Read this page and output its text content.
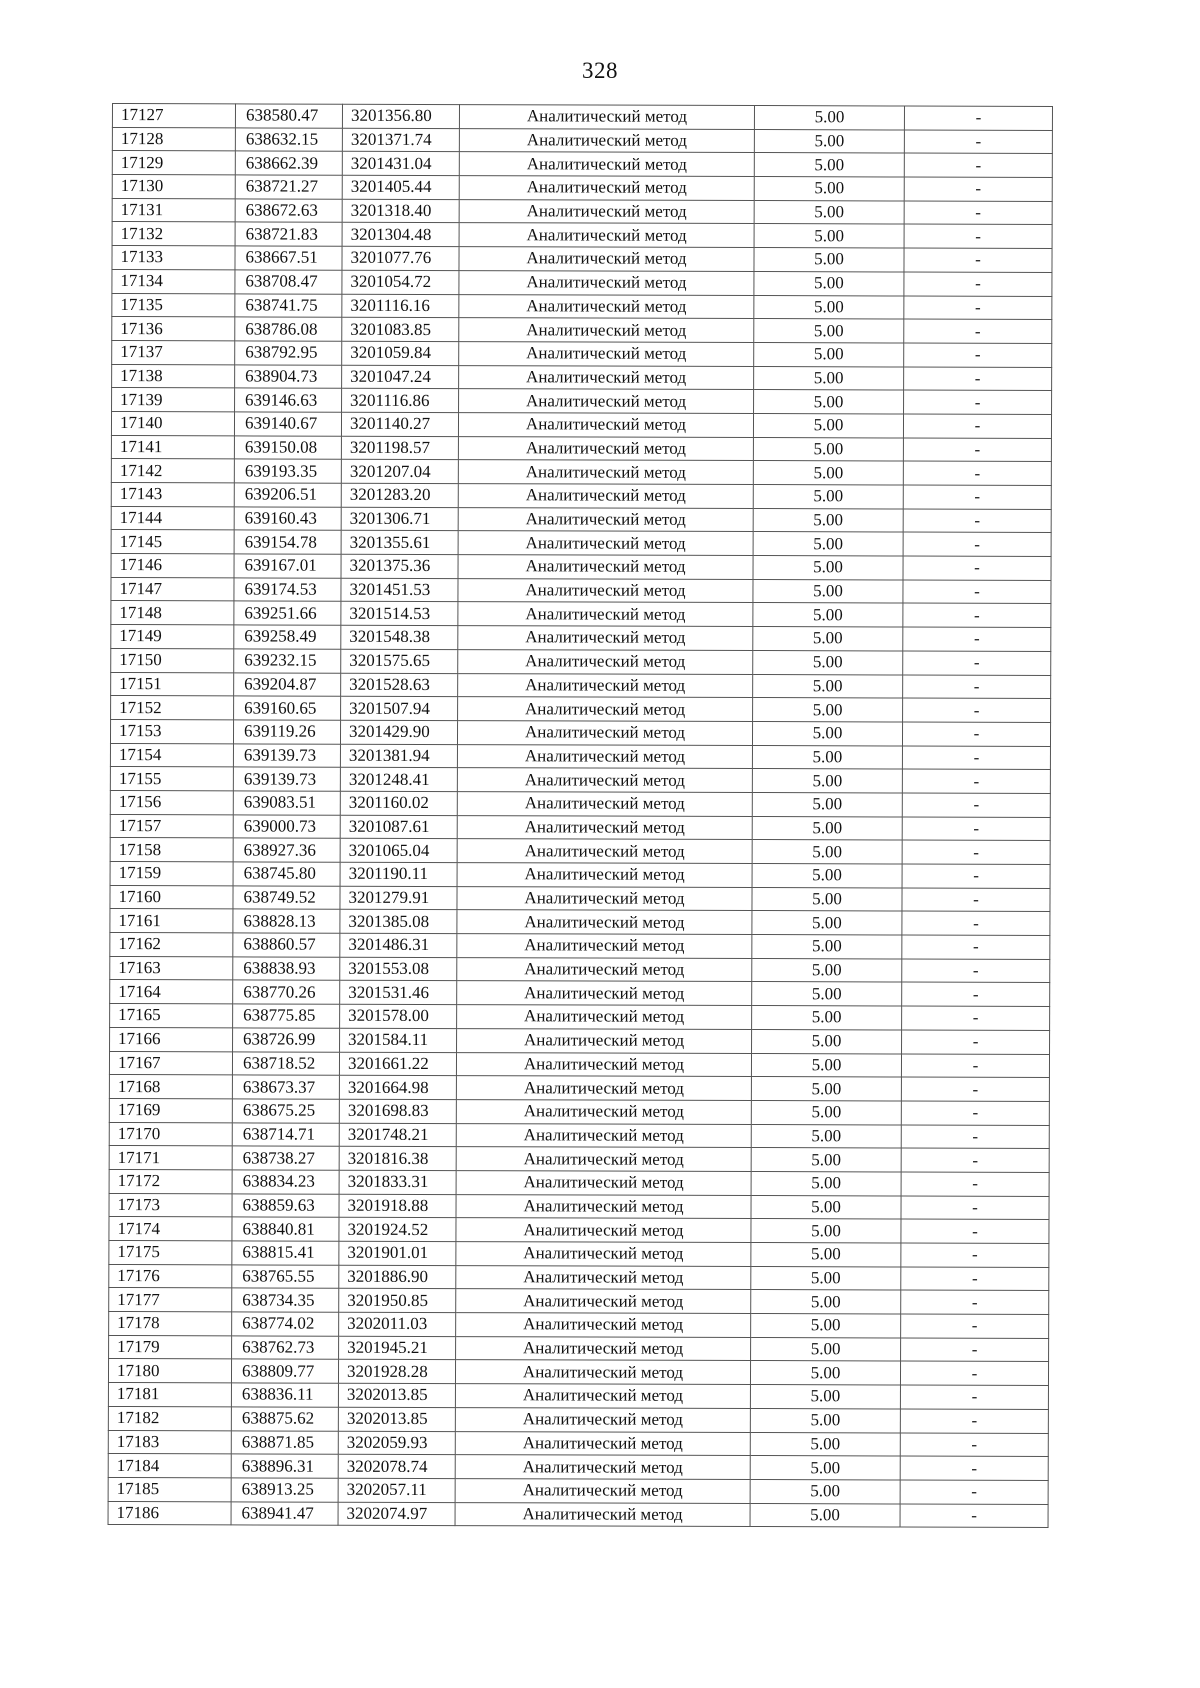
328
17127	638580.47	3201356.80	Аналитический метод	5.00	-
17128	638632.15	3201371.74	Аналитический метод	5.00	-
17129	638662.39	3201431.04	Аналитический метод	5.00	-
17130	638721.27	3201405.44	Аналитический метод	5.00	-
17131	638672.63	3201318.40	Аналитический метод	5.00	-
17132	638721.83	3201304.48	Аналитический метод	5.00	-
17133	638667.51	3201077.76	Аналитический метод	5.00	-
17134	638708.47	3201054.72	Аналитический метод	5.00	-
17135	638741.75	3201116.16	Аналитический метод	5.00	-
17136	638786.08	3201083.85	Аналитический метод	5.00	-
17137	638792.95	3201059.84	Аналитический метод	5.00	-
17138	638904.73	3201047.24	Аналитический метод	5.00	-
17139	639146.63	3201116.86	Аналитический метод	5.00	-
17140	639140.67	3201140.27	Аналитический метод	5.00	-
17141	639150.08	3201198.57	Аналитический метод	5.00	-
17142	639193.35	3201207.04	Аналитический метод	5.00	-
17143	639206.51	3201283.20	Аналитический метод	5.00	-
17144	639160.43	3201306.71	Аналитический метод	5.00	-
17145	639154.78	3201355.61	Аналитический метод	5.00	-
17146	639167.01	3201375.36	Аналитический метод	5.00	-
17147	639174.53	3201451.53	Аналитический метод	5.00	-
17148	639251.66	3201514.53	Аналитический метод	5.00	-
17149	639258.49	3201548.38	Аналитический метод	5.00	-
17150	639232.15	3201575.65	Аналитический метод	5.00	-
17151	639204.87	3201528.63	Аналитический метод	5.00	-
17152	639160.65	3201507.94	Аналитический метод	5.00	-
17153	639119.26	3201429.90	Аналитический метод	5.00	-
17154	639139.73	3201381.94	Аналитический метод	5.00	-
17155	639139.73	3201248.41	Аналитический метод	5.00	-
17156	639083.51	3201160.02	Аналитический метод	5.00	-
17157	639000.73	3201087.61	Аналитический метод	5.00	-
17158	638927.36	3201065.04	Аналитический метод	5.00	-
17159	638745.80	3201190.11	Аналитический метод	5.00	-
17160	638749.52	3201279.91	Аналитический метод	5.00	-
17161	638828.13	3201385.08	Аналитический метод	5.00	-
17162	638860.57	3201486.31	Аналитический метод	5.00	-
17163	638838.93	3201553.08	Аналитический метод	5.00	-
17164	638770.26	3201531.46	Аналитический метод	5.00	-
17165	638775.85	3201578.00	Аналитический метод	5.00	-
17166	638726.99	3201584.11	Аналитический метод	5.00	-
17167	638718.52	3201661.22	Аналитический метод	5.00	-
17168	638673.37	3201664.98	Аналитический метод	5.00	-
17169	638675.25	3201698.83	Аналитический метод	5.00	-
17170	638714.71	3201748.21	Аналитический метод	5.00	-
17171	638738.27	3201816.38	Аналитический метод	5.00	-
17172	638834.23	3201833.31	Аналитический метод	5.00	-
17173	638859.63	3201918.88	Аналитический метод	5.00	-
17174	638840.81	3201924.52	Аналитический метод	5.00	-
17175	638815.41	3201901.01	Аналитический метод	5.00	-
17176	638765.55	3201886.90	Аналитический метод	5.00	-
17177	638734.35	3201950.85	Аналитический метод	5.00	-
17178	638774.02	3202011.03	Аналитический метод	5.00	-
17179	638762.73	3201945.21	Аналитический метод	5.00	-
17180	638809.77	3201928.28	Аналитический метод	5.00	-
17181	638836.11	3202013.85	Аналитический метод	5.00	-
17182	638875.62	3202013.85	Аналитический метод	5.00	-
17183	638871.85	3202059.93	Аналитический метод	5.00	-
17184	638896.31	3202078.74	Аналитический метод	5.00	-
17185	638913.25	3202057.11	Аналитический метод	5.00	-
17186	638941.47	3202074.97	Аналитический метод	5.00	-
